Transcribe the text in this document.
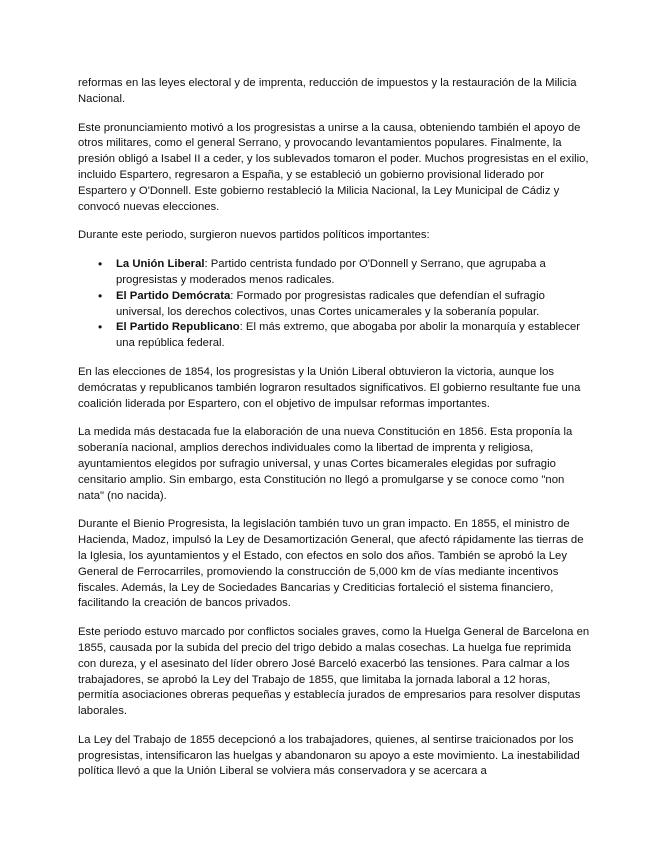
reformas en las leyes electoral y de imprenta, reducción de impuestos y la restauración de la Milicia Nacional.

Este pronunciamiento motivó a los progresistas a unirse a la causa, obteniendo también el apoyo de otros militares, como el general Serrano, y provocando levantamientos populares. Finalmente, la presión obligó a Isabel II a ceder, y los sublevados tomaron el poder. Muchos progresistas en el exilio, incluido Espartero, regresaron a España, y se estableció un gobierno provisional liderado por Espartero y O'Donnell. Este gobierno restableció la Milicia Nacional, la Ley Municipal de Cádiz y convocó nuevas elecciones.

Durante este periodo, surgieron nuevos partidos políticos importantes:

• La Unión Liberal: Partido centrista fundado por O'Donnell y Serrano, que agrupaba a progresistas y moderados menos radicales.
• El Partido Demócrata: Formado por progresistas radicales que defendían el sufragio universal, los derechos colectivos, unas Cortes unicamerales y la soberanía popular.
• El Partido Republicano: El más extremo, que abogaba por abolir la monarquía y establecer una república federal.

En las elecciones de 1854, los progresistas y la Unión Liberal obtuvieron la victoria, aunque los demócratas y republicanos también lograron resultados significativos. El gobierno resultante fue una coalición liderada por Espartero, con el objetivo de impulsar reformas importantes.

La medida más destacada fue la elaboración de una nueva Constitución en 1856. Esta proponía la soberanía nacional, amplios derechos individuales como la libertad de imprenta y religiosa, ayuntamientos elegidos por sufragio universal, y unas Cortes bicamerales elegidas por sufragio censitario amplio. Sin embargo, esta Constitución no llegó a promulgarse y se conoce como "non nata" (no nacida).

Durante el Bienio Progresista, la legislación también tuvo un gran impacto. En 1855, el ministro de Hacienda, Madoz, impulsó la Ley de Desamortización General, que afectó rápidamente las tierras de la Iglesia, los ayuntamientos y el Estado, con efectos en solo dos años. También se aprobó la Ley General de Ferrocarriles, promoviendo la construcción de 5,000 km de vías mediante incentivos fiscales. Además, la Ley de Sociedades Bancarias y Crediticias fortaleció el sistema financiero, facilitando la creación de bancos privados.

Este periodo estuvo marcado por conflictos sociales graves, como la Huelga General de Barcelona en 1855, causada por la subida del precio del trigo debido a malas cosechas. La huelga fue reprimida con dureza, y el asesinato del líder obrero José Barceló exacerbó las tensiones. Para calmar a los trabajadores, se aprobó la Ley del Trabajo de 1855, que limitaba la jornada laboral a 12 horas, permitía asociaciones obreras pequeñas y establecía jurados de empresarios para resolver disputas laborales.

La Ley del Trabajo de 1855 decepcionó a los trabajadores, quienes, al sentirse traicionados por los progresistas, intensificaron las huelgas y abandonaron su apoyo a este movimiento. La inestabilidad política llevó a que la Unión Liberal se volviera más conservadora y se acercara a
